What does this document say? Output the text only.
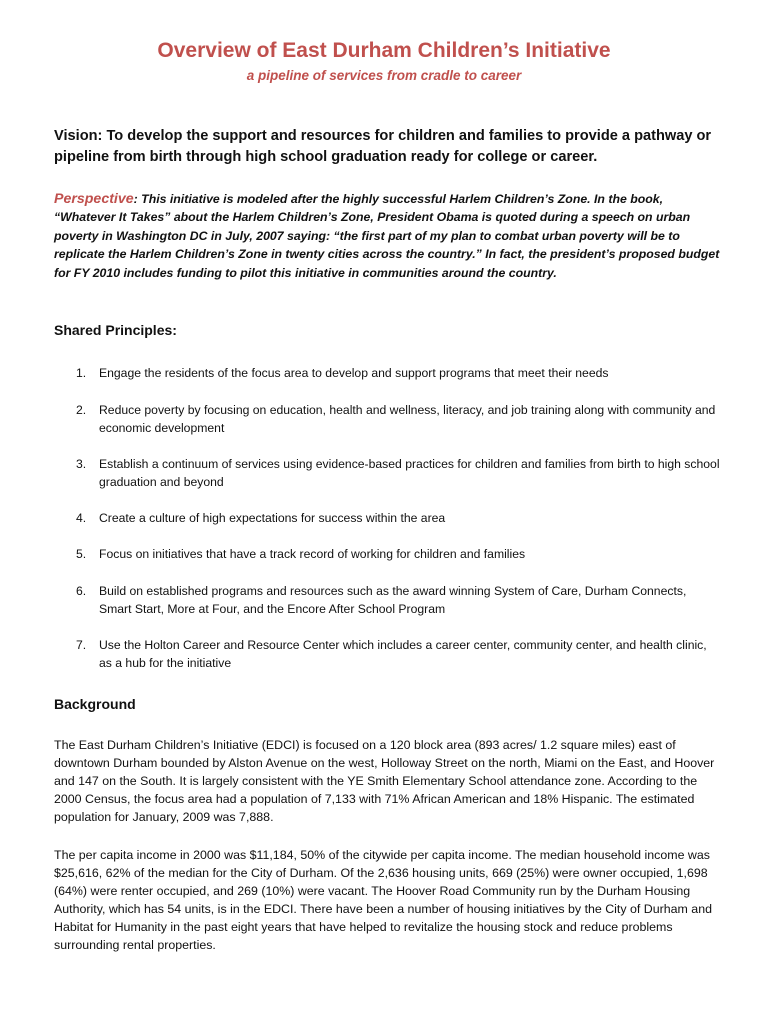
Overview of East Durham Children’s Initiative

a pipeline of services from cradle to career

Vision: To develop the support and resources for children and families to provide a pathway or pipeline from birth through high school graduation ready for college or career.

Perspective: This initiative is modeled after the highly successful Harlem Children’s Zone. In the book, “Whatever It Takes” about the Harlem Children’s Zone, President Obama is quoted during a speech on urban poverty in Washington DC in July, 2007 saying: “the first part of my plan to combat urban poverty will be to replicate the Harlem Children’s Zone in twenty cities across the country.” In fact, the president’s proposed budget for FY 2010 includes funding to pilot this initiative in communities around the country.

Shared Principles:
1. Engage the residents of the focus area to develop and support programs that meet their needs
2. Reduce poverty by focusing on education, health and wellness, literacy, and job training along with community and economic development
3. Establish a continuum of services using evidence-based practices for children and families from birth to high school graduation and beyond
4. Create a culture of high expectations for success within the area
5. Focus on initiatives that have a track record of working for children and families
6. Build on established programs and resources such as the award winning System of Care, Durham Connects, Smart Start, More at Four, and the Encore After School Program
7. Use the Holton Career and Resource Center which includes a career center, community center, and health clinic, as a hub for the initiative
Background

The East Durham Children’s Initiative (EDCI) is focused on a 120 block area (893 acres/ 1.2 square miles) east of downtown Durham bounded by Alston Avenue on the west, Holloway Street on the north, Miami on the East, and Hoover and 147 on the South. It is largely consistent with the YE Smith Elementary School attendance zone. According to the 2000 Census, the focus area had a population of 7,133 with 71% African American and 18% Hispanic. The estimated population for January, 2009 was 7,888.

The per capita income in 2000 was $11,184, 50% of the citywide per capita income. The median household income was $25,616, 62% of the median for the City of Durham. Of the 2,636 housing units, 669 (25%) were owner occupied, 1,698 (64%) were renter occupied, and 269 (10%) were vacant. The Hoover Road Community run by the Durham Housing Authority, which has 54 units, is in the EDCI. There have been a number of housing initiatives by the City of Durham and Habitat for Humanity in the past eight years that have helped to revitalize the housing stock and reduce problems surrounding rental properties.
